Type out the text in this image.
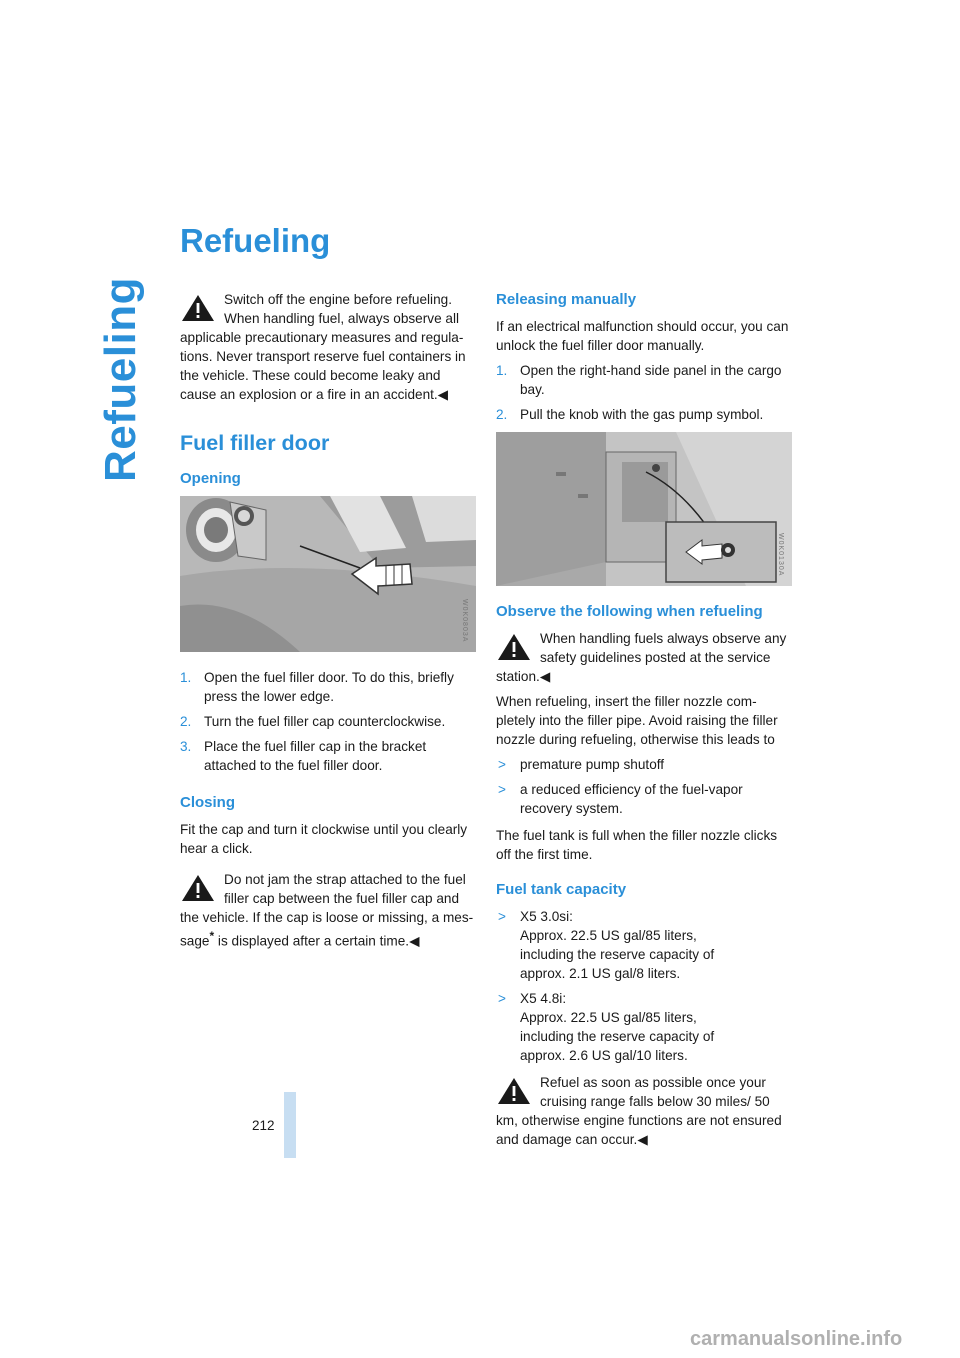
Refueling
Refueling

Switch off the engine before refueling. When handling fuel, always observe all applicable precautionary measures and regula-tions. Never transport reserve fuel containers in the vehicle. These could become leaky and cause an explosion or a fire in an accident.◀

Fuel filler door
Opening
W0K0803A
1. Open the fuel filler door. To do this, briefly press the lower edge.
2. Turn the fuel filler cap counterclockwise.
3. Place the fuel filler cap in the bracket attached to the fuel filler door.
Closing

Fit the cap and turn it clockwise until you clearly hear a click.

Do not jam the strap attached to the fuel filler cap between the fuel filler cap and the vehicle. If the cap is loose or missing, a mes-sage* is displayed after a certain time.◀

Releasing manually

If an electrical malfunction should occur, you can unlock the fuel filler door manually.

1. Open the right-hand side panel in the cargo bay.
2. Pull the knob with the gas pump symbol.
W0K0130A
Observe the following when refueling

When handling fuels always observe any safety guidelines posted at the service station.◀

When refueling, insert the filler nozzle com-pletely into the filler pipe. Avoid raising the filler nozzle during refueling, otherwise this leads to

> premature pump shutoff
> a reduced efficiency of the fuel-vapor recovery system.

The fuel tank is full when the filler nozzle clicks off the first time.

Fuel tank capacity
> X5 3.0si:
Approx. 22.5 US gal/85 liters,
including the reserve capacity of
approx. 2.1 US gal/8 liters.
> X5 4.8i:
Approx. 22.5 US gal/85 liters,
including the reserve capacity of
approx. 2.6 US gal/10 liters.

Refuel as soon as possible once your cruising range falls below 30 miles/ 50 km, otherwise engine functions are not ensured and damage can occur.◀

212
carmanualsonline.info
